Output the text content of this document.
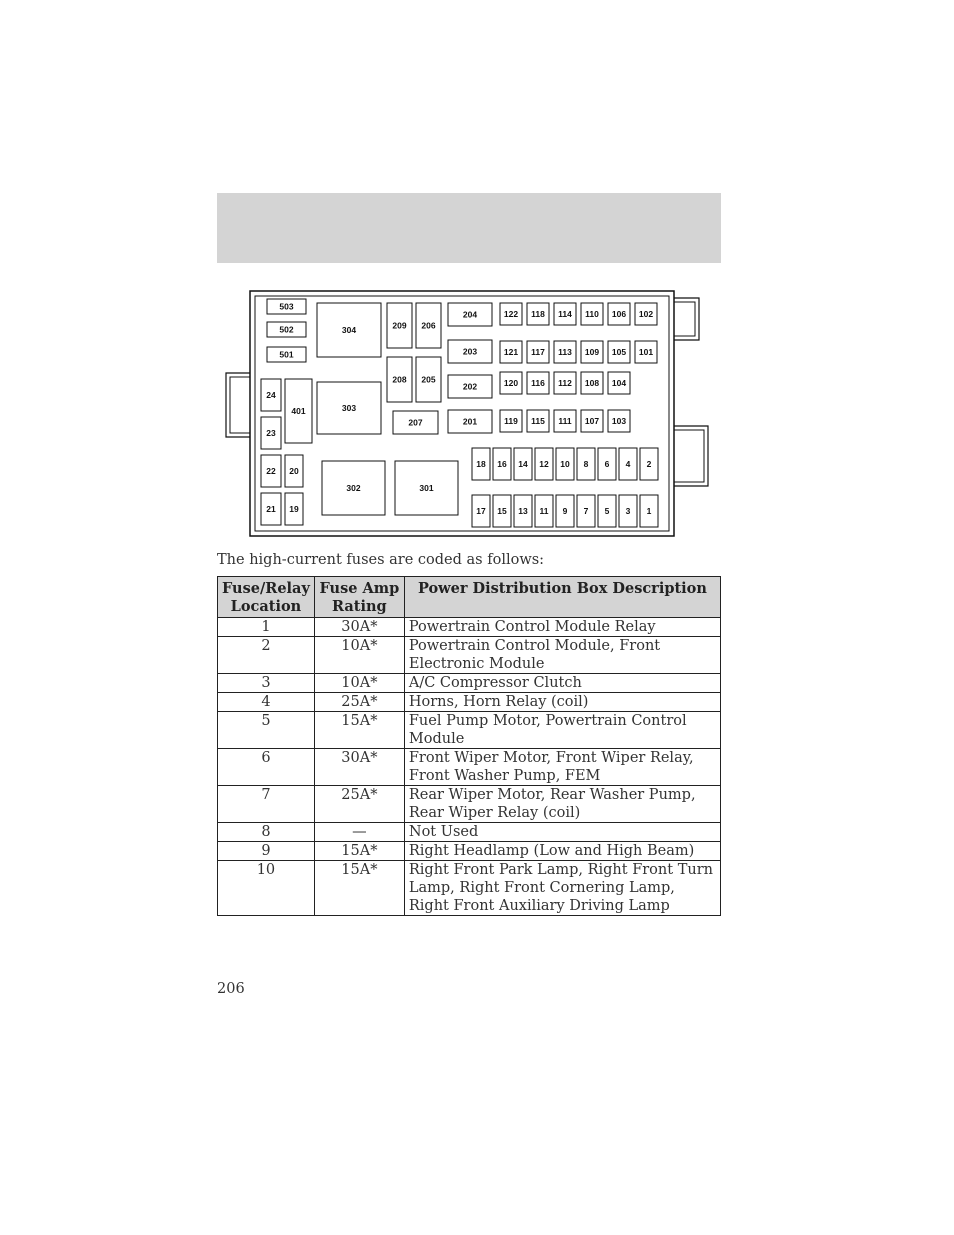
503
502
501
304	209 206
208 205
24
401
23
303
207
22 20
21 19
302	301
204
203
202
201
122 118 114 110 106 102
121 117 113 109 105 101
120 116 112 108 104
119 115 111 107 103
18 16 14 12 10 8 6 4 2
17 15 13 11 9 7 5 3 1
The high-current fuses are coded as follows:
Fuse/Relay Location	Fuse Amp Rating	Power Distribution Box Description
1	30A*	Powertrain Control Module Relay
2	10A*	Powertrain Control Module, Front Electronic Module
3	10A*	A/C Compressor Clutch
4	25A*	Horns, Horn Relay (coil)
5	15A*	Fuel Pump Motor, Powertrain Control Module
6	30A*	Front Wiper Motor, Front Wiper Relay, Front Washer Pump, FEM
7	25A*	Rear Wiper Motor, Rear Washer Pump, Rear Wiper Relay (coil)
8	—	Not Used
9	15A*	Right Headlamp (Low and High Beam)
10	15A*	Right Front Park Lamp, Right Front Turn Lamp, Right Front Cornering Lamp, Right Front Auxiliary Driving Lamp
206
